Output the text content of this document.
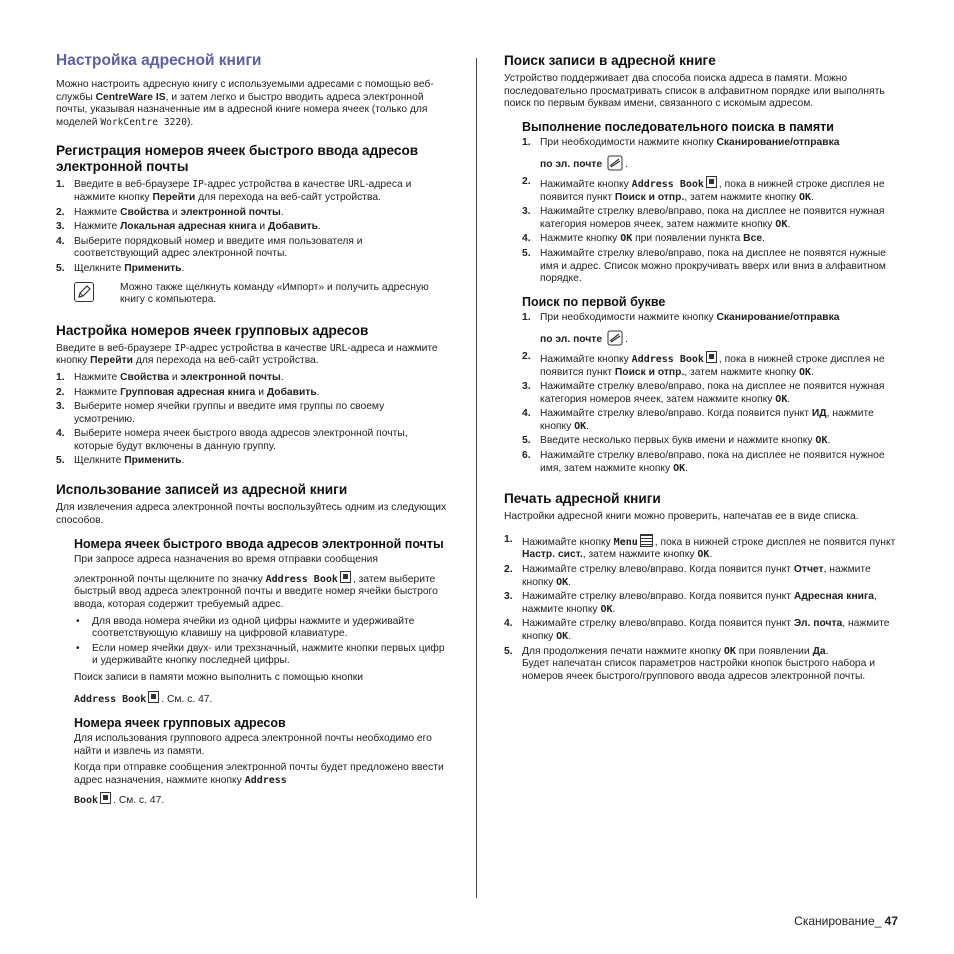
Настройка адресной книги

Можно настроить адресную книгу с используемыми адресами с помощью веб-службы CentreWare IS, и затем легко и быстро вводить адреса электронной почты, указывая назначенные им в адресной книге номера ячеек (только для моделей WorkCentre 3220).

Регистрация номеров ячеек быстрого ввода адресов электронной почты
1. Введите в веб-браузере IP-адрес устройства в качестве URL-адреса и нажмите кнопку Перейти для перехода на веб-сайт устройства.
2. Нажмите Свойства и электронной почты.
3. Нажмите Локальная адресная книга и Добавить.
4. Выберите порядковый номер и введите имя пользователя и соответствующий адрес электронной почты.
5. Щелкните Применить.
Можно также щелкнуть команду «Импорт» и получить адресную книгу с компьютера.
Настройка номеров ячеек групповых адресов

Введите в веб-браузере IP-адрес устройства в качестве URL-адреса и нажмите кнопку Перейти для перехода на веб-сайт устройства.

1. Нажмите Свойства и электронной почты.
2. Нажмите Групповая адресная книга и Добавить.
3. Выберите номер ячейки группы и введите имя группы по своему усмотрению.
4. Выберите номера ячеек быстрого ввода адресов электронной почты, которые будут включены в данную группу.
5. Щелкните Применить.
Использование записей из адресной книги

Для извлечения адреса электронной почты воспользуйтесь одним из следующих способов.

Номера ячеек быстрого ввода адресов электронной почты

При запросе адреса назначения во время отправки сообщения

электронной почты щелкните по значку Address Book , затем выберите быстрый ввод адреса электронной почты и введите номер ячейки быстрого ввода, которая содержит требуемый адрес.

• Для ввода номера ячейки из одной цифры нажмите и удерживайте соответствующую клавишу на цифровой клавиатуре.
• Если номер ячейки двух- или трехзначный, нажмите кнопки первых цифр и удерживайте кнопку последней цифры.

Поиск записи в памяти можно выполнить с помощью кнопки

Address Book . См. с. 47.

Номера ячеек групповых адресов

Для использования группового адреса электронной почты необходимо его найти и извлечь из памяти.

Когда при отправке сообщения электронной почты будет предложено ввести адрес назначения, нажмите кнопку Address

Book . См. с. 47.

Поиск записи в адресной книге

Устройство поддерживает два способа поиска адреса в памяти. Можно последовательно просматривать список в алфавитном порядке или выполнять поиск по первым буквам имени, связанного с искомым адресом.

Выполнение последовательного поиска в памяти
1. При необходимости нажмите кнопку Сканирование/отправка
по эл. почте .
2. Нажимайте кнопку Address Book , пока в нижней строке дисплея не появится пункт Поиск и отпр., затем нажмите кнопку OK.
3. Нажимайте стрелку влево/вправо, пока на дисплее не появится нужная категория номеров ячеек, затем нажмите кнопку OK.
4. Нажмите кнопку OK при появлении пункта Все.
5. Нажимайте стрелку влево/вправо, пока на дисплее не появятся нужные имя и адрес. Список можно прокручивать вверх или вниз в алфавитном порядке.
Поиск по первой букве
1. При необходимости нажмите кнопку Сканирование/отправка
по эл. почте .
2. Нажимайте кнопку Address Book , пока в нижней строке дисплея не появится пункт Поиск и отпр., затем нажмите кнопку OK.
3. Нажимайте стрелку влево/вправо, пока на дисплее не появится нужная категория номеров ячеек, затем нажмите кнопку OK.
4. Нажимайте стрелку влево/вправо. Когда появится пункт ИД, нажмите кнопку OK.
5. Введите несколько первых букв имени и нажмите кнопку OK.
6. Нажимайте стрелку влево/вправо, пока на дисплее не появится нужное имя, затем нажмите кнопку OK.
Печать адресной книги

Настройки адресной книги можно проверить, напечатав ее в виде списка.

1. Нажимайте кнопку Menu , пока в нижней строке дисплея не появится пункт Настр. сист., затем нажмите кнопку OK.
2. Нажимайте стрелку влево/вправо. Когда появится пункт Отчет, нажмите кнопку OK.
3. Нажимайте стрелку влево/вправо. Когда появится пункт Адресная книга, нажмите кнопку OK.
4. Нажимайте стрелку влево/вправо. Когда появится пункт Эл. почта, нажмите кнопку OK.
5. Для продолжения печати нажмите кнопку OK при появлении Да.
Будет напечатан список параметров настройки кнопок быстрого набора и номеров ячеек быстрого/группового ввода адресов электронной почты.
Сканирование_ 47
